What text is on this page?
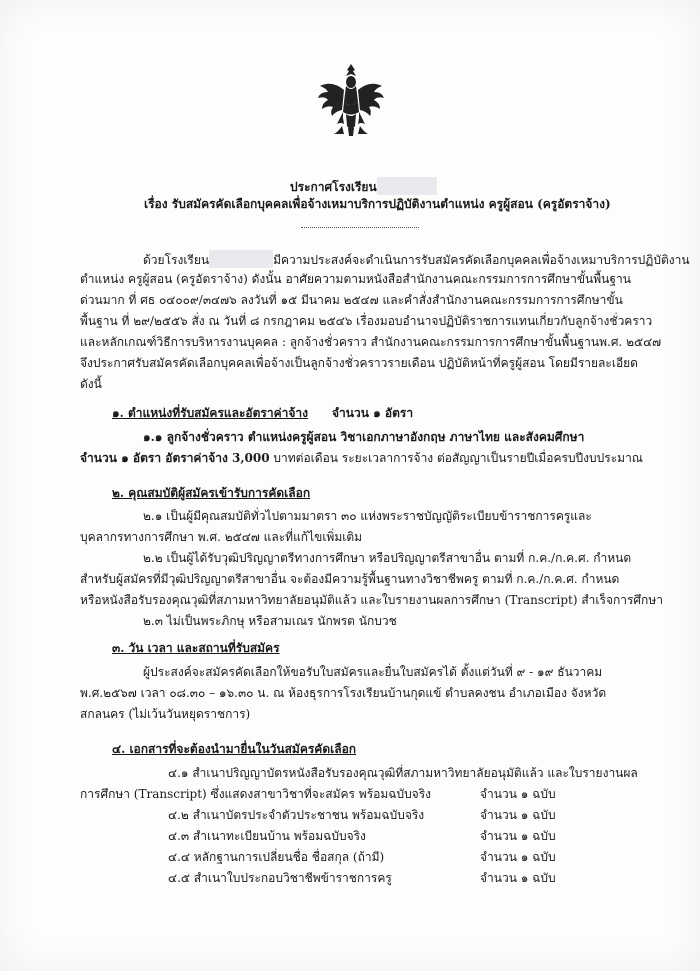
ประกาศโรงเรียน
เรื่อง รับสมัครคัดเลือกบุคคลเพื่อจ้างเหมาบริการปฏิบัติงานตำแหน่ง ครูผู้สอน (ครูอัตราจ้าง)
ด้วยโรงเรียน	มีความประสงค์จะดำเนินการรับสมัครคัดเลือกบุคคลเพื่อจ้างเหมาบริการปฏิบัติงาน
ตำแหน่ง ครูผู้สอน (ครูอัตราจ้าง) ดังนั้น อาศัยความตามหนังสือสำนักงานคณะกรรมการการศึกษาขั้นพื้นฐาน
ด่วนมาก ที่ ศธ ๐๔๐๐๙/๓๔๗๖ ลงวันที่ ๑๕ มีนาคม ๒๕๔๗ และคำสั่งสำนักงานคณะกรรมการการศึกษาขั้น
พื้นฐาน ที่ ๒๙/๒๕๕๖ สั่ง ณ วันที่ ๘ กรกฎาคม ๒๕๔๖ เรื่องมอบอำนาจปฏิบัติราชการแทนเกี่ยวกับลูกจ้างชั่วคราว
และหลักเกณฑ์วิธีการบริหารงานบุคคล : ลูกจ้างชั่วคราว สำนักงานคณะกรรมการการศึกษาขั้นพื้นฐานพ.ศ. ๒๕๔๗
จึงประกาศรับสมัครคัดเลือกบุคคลเพื่อจ้างเป็นลูกจ้างชั่วคราวรายเดือน ปฏิบัติหน้าที่ครูผู้สอน โดยมีรายละเอียด
ดังนี้
๑. ตำแหน่งที่รับสมัครและอัตราค่าจ้าง จำนวน ๑ อัตรา
๑.๑ ลูกจ้างชั่วคราว ตำแหน่งครูผู้สอน วิชาเอกภาษาอังกฤษ ภาษาไทย และสังคมศึกษา
จำนวน ๑ อัตรา อัตราค่าจ้าง 3,000 บาทต่อเดือน ระยะเวลาการจ้าง ต่อสัญญาเป็นรายปีเมื่อครบปีงบประมาณ
๒. คุณสมบัติผู้สมัครเข้ารับการคัดเลือก
๒.๑ เป็นผู้มีคุณสมบัติทั่วไปตามมาตรา ๓๐ แห่งพระราชบัญญัติระเบียบข้าราชการครูและ
บุคลากรทางการศึกษา พ.ศ. ๒๕๔๗ และที่แก้ไขเพิ่มเติม
๒.๒ เป็นผู้ได้รับวุฒิปริญญาตรีทางการศึกษา หรือปริญญาตรีสาขาอื่น ตามที่ ก.ค./ก.ค.ศ. กำหนด
สำหรับผู้สมัครที่มีวุฒิปริญญาตรีสาขาอื่น จะต้องมีความรู้พื้นฐานทางวิชาชีพครู ตามที่ ก.ค./ก.ค.ศ. กำหนด
หรือหนังสือรับรองคุณวุฒิที่สภามหาวิทยาลัยอนุมัติแล้ว และใบรายงานผลการศึกษา (Transcript) สำเร็จการศึกษา
๒.๓ ไม่เป็นพระภิกษุ หรือสามเณร นักพรต นักบวช
๓. วัน เวลา และสถานที่รับสมัคร
ผู้ประสงค์จะสมัครคัดเลือกให้ขอรับใบสมัครและยื่นใบสมัครได้ ตั้งแต่วันที่ ๙ - ๑๙ ธันวาคม
พ.ศ.๒๕๖๗ เวลา ๐๘.๓๐ – ๑๖.๓๐ น. ณ ห้องธุรการโรงเรียนบ้านกุดแข้ ตำบลคงชน อำเภอเมือง จังหวัด
สกลนคร (ไม่เว้นวันหยุดราชการ)
๔. เอกสารที่จะต้องนำมายื่นในวันสมัครคัดเลือก
๔.๑ สำเนาปริญญาบัตรหนังสือรับรองคุณวุฒิที่สภามหาวิทยาลัยอนุมัติแล้ว และใบรายงานผล
การศึกษา (Transcript) ซึ่งแสดงสาขาวิชาที่จะสมัคร พร้อมฉบับจริง	จำนวน ๑ ฉบับ
๔.๒ สำเนาบัตรประจำตัวประชาชน พร้อมฉบับจริง	จำนวน ๑ ฉบับ
๔.๓ สำเนาทะเบียนบ้าน พร้อมฉบับจริง	จำนวน ๑ ฉบับ
๔.๔ หลักฐานการเปลี่ยนชื่อ ชื่อสกุล (ถ้ามี)	จำนวน ๑ ฉบับ
๔.๕ สำเนาใบประกอบวิชาชีพข้าราชการครู	จำนวน ๑ ฉบับ
